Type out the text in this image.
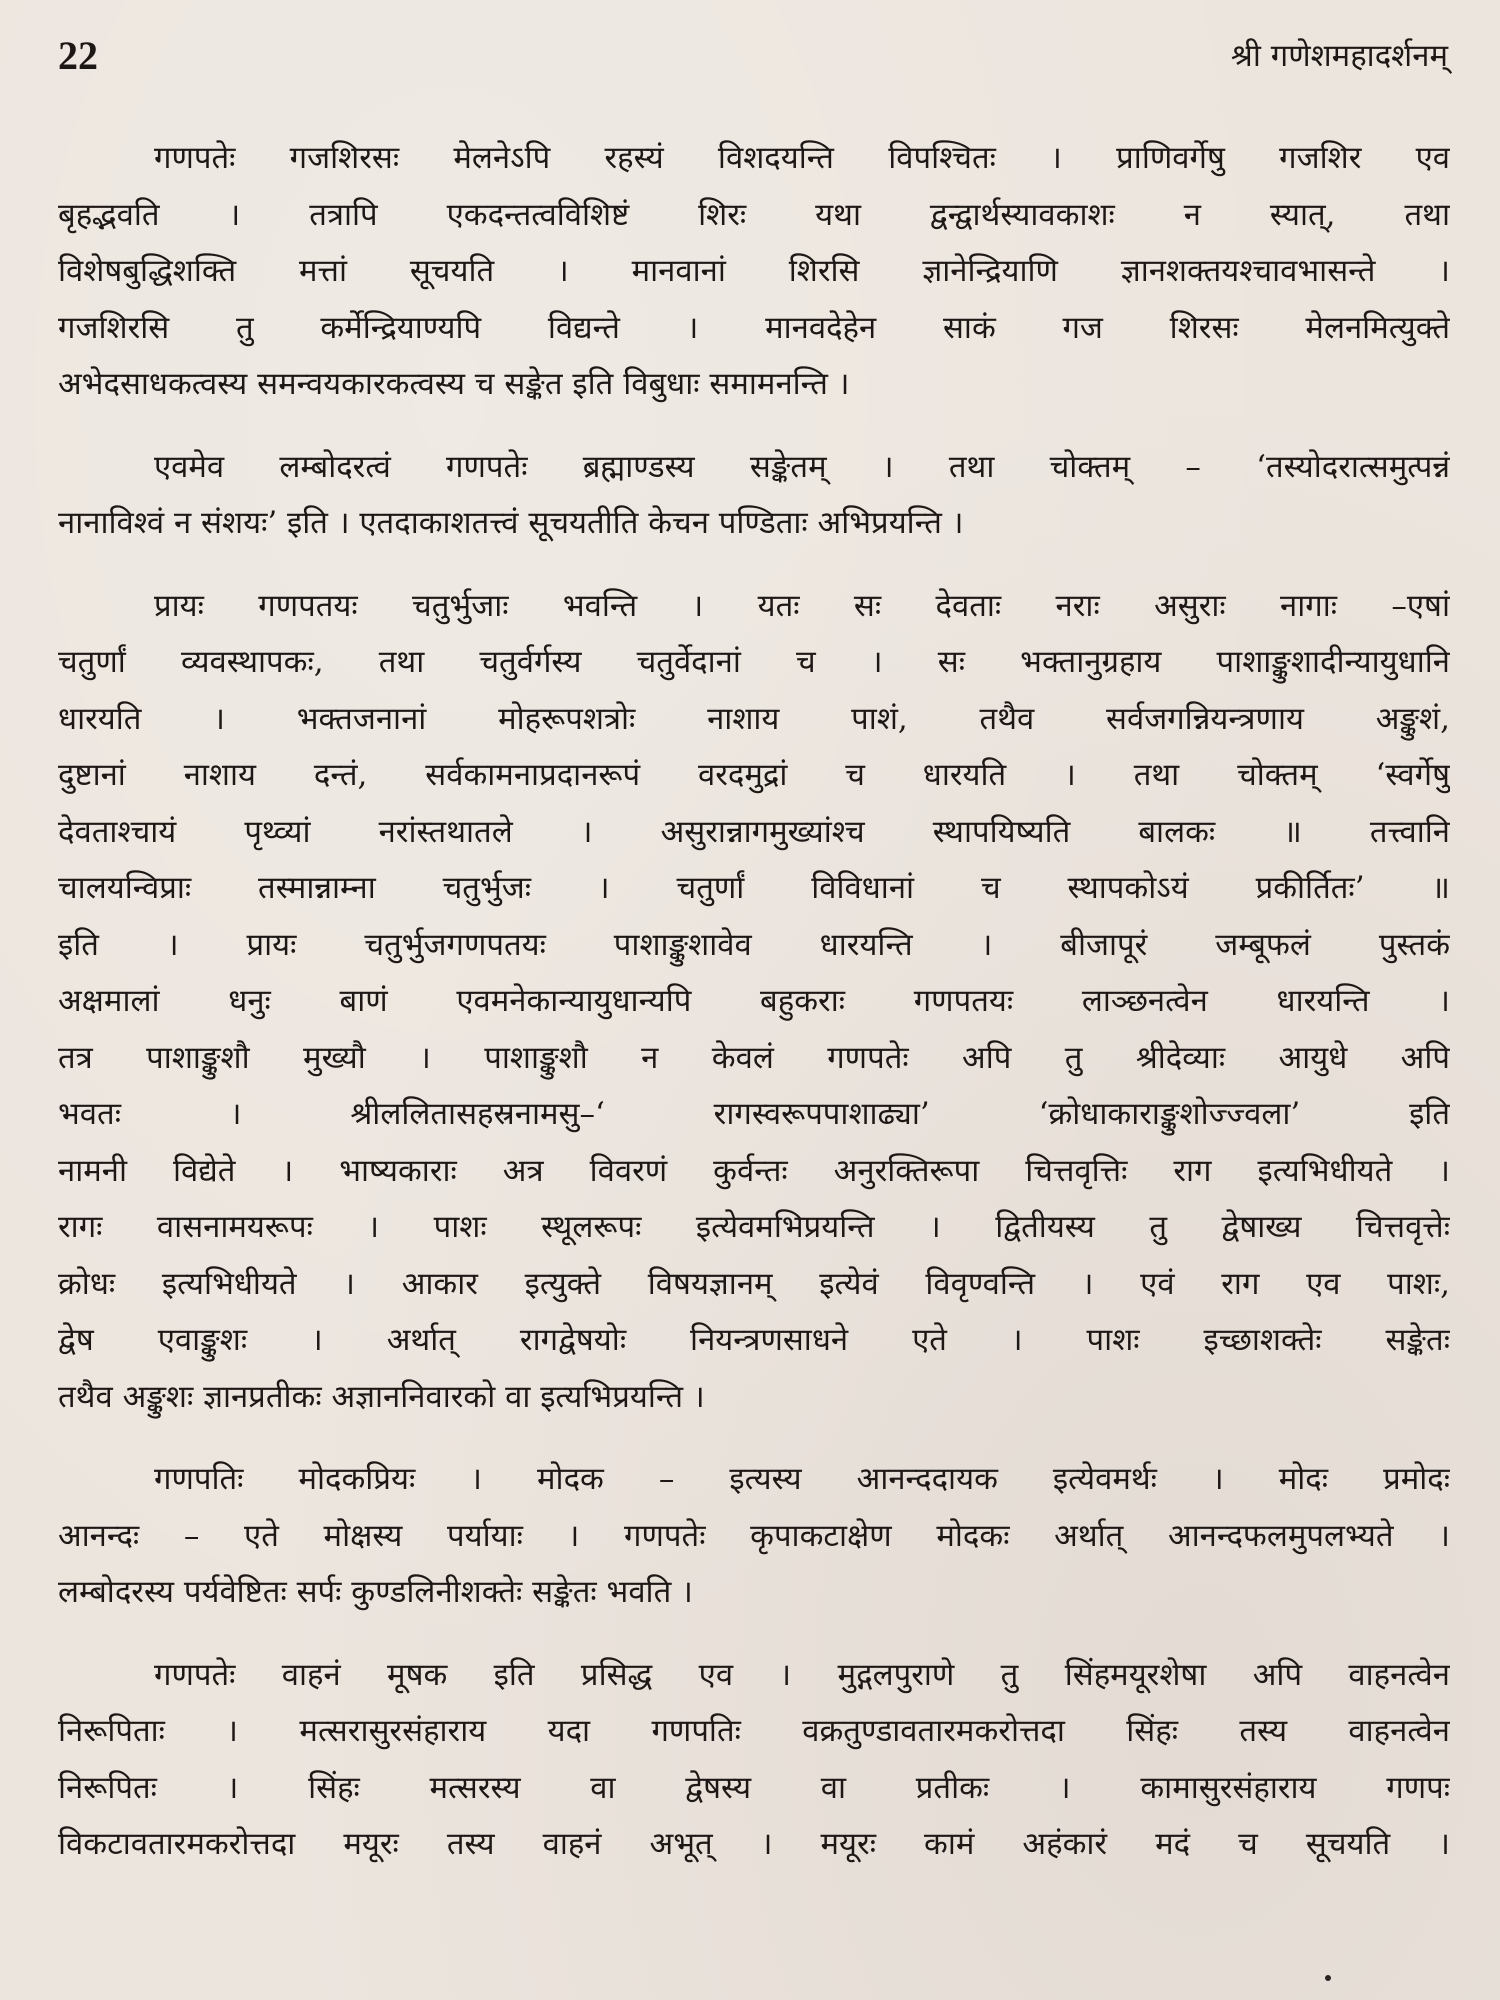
22	श्री गणेशमहादर्शनम्
गणपतेः गजशिरसः मेलनेऽपि रहस्यं विशदयन्ति विपश्चितः । प्राणिवर्गेषु गजशिर एव
बृहद्भवति । तत्रापि एकदन्तत्वविशिष्टं शिरः यथा द्वन्द्वार्थस्यावकाशः न स्यात्, तथा
विशेषबुद्धिशक्ति मत्तां सूचयति । मानवानां शिरसि ज्ञानेन्द्रियाणि ज्ञानशक्तयश्चावभासन्ते ।
गजशिरसि तु कर्मेन्द्रियाण्यपि विद्यन्ते । मानवदेहेन साकं गज शिरसः मेलनमित्युक्ते
अभेदसाधकत्वस्य समन्वयकारकत्वस्य च सङ्केत इति विबुधाः समामनन्ति ।
एवमेव लम्बोदरत्वं गणपतेः ब्रह्माण्डस्य सङ्केतम् । तथा चोक्तम् – ‘तस्योदरात्समुत्पन्नं
नानाविश्वं न संशयः’ इति । एतदाकाशतत्त्वं सूचयतीति केचन पण्डिताः अभिप्रयन्ति ।
प्रायः गणपतयः चतुर्भुजाः भवन्ति । यतः सः देवताः नराः असुराः नागाः –एषां
चतुर्णां व्यवस्थापकः, तथा चतुर्वर्गस्य चतुर्वेदानां च । सः भक्तानुग्रहाय पाशाङ्कुशादीन्यायुधानि
धारयति । भक्तजनानां मोहरूपशत्रोः नाशाय पाशं, तथैव सर्वजगन्नियन्त्रणाय अङ्कुशं,
दुष्टानां नाशाय दन्तं, सर्वकामनाप्रदानरूपं वरदमुद्रां च धारयति । तथा चोक्तम् ‘स्वर्गेषु
देवताश्चायं पृथ्व्यां नरांस्तथातले । असुरान्नागमुख्यांश्च स्थापयिष्यति बालकः ॥ तत्त्वानि
चालयन्विप्राः तस्मान्नाम्ना चतुर्भुजः । चतुर्णां विविधानां च स्थापकोऽयं प्रकीर्तितः’ ॥
इति । प्रायः चतुर्भुजगणपतयः पाशाङ्कुशावेव धारयन्ति । बीजापूरं जम्बूफलं पुस्तकं
अक्षमालां धनुः बाणं एवमनेकान्यायुधान्यपि बहुकराः गणपतयः लाञ्छनत्वेन धारयन्ति ।
तत्र पाशाङ्कुशौ मुख्यौ । पाशाङ्कुशौ न केवलं गणपतेः अपि तु श्रीदेव्याः आयुधे अपि
भवतः । श्रीललितासहस्रनामसु–‘ रागस्वरूपपाशाढ्या’ ‘क्रोधाकाराङ्कुशोज्ज्वला’ इति
नामनी विद्येते । भाष्यकाराः अत्र विवरणं कुर्वन्तः अनुरक्तिरूपा चित्तवृत्तिः राग इत्यभिधीयते ।
रागः वासनामयरूपः । पाशः स्थूलरूपः इत्येवमभिप्रयन्ति । द्वितीयस्य तु द्वेषाख्य चित्तवृत्तेः
क्रोधः इत्यभिधीयते । आकार इत्युक्ते विषयज्ञानम् इत्येवं विवृण्वन्ति । एवं राग एव पाशः,
द्वेष एवाङ्कुशः । अर्थात् रागद्वेषयोः नियन्त्रणसाधने एते । पाशः इच्छाशक्तेः सङ्केतः
तथैव अङ्कुशः ज्ञानप्रतीकः अज्ञाननिवारको वा इत्यभिप्रयन्ति ।
गणपतिः मोदकप्रियः । मोदक – इत्यस्य आनन्ददायक इत्येवमर्थः । मोदः प्रमोदः
आनन्दः – एते मोक्षस्य पर्यायाः । गणपतेः कृपाकटाक्षेण मोदकः अर्थात् आनन्दफलमुपलभ्यते ।
लम्बोदरस्य पर्यवेष्टितः सर्पः कुण्डलिनीशक्तेः सङ्केतः भवति ।
गणपतेः वाहनं मूषक इति प्रसिद्ध एव । मुद्गलपुराणे तु सिंहमयूरशेषा अपि वाहनत्वेन
निरूपिताः । मत्सरासुरसंहाराय यदा गणपतिः वक्रतुण्डावतारमकरोत्तदा सिंहः तस्य वाहनत्वेन
निरूपितः । सिंहः मत्सरस्य वा द्वेषस्य वा प्रतीकः । कामासुरसंहाराय गणपः
विकटावतारमकरोत्तदा मयूरः तस्य वाहनं अभूत् । मयूरः कामं अहंकारं मदं च सूचयति ।
